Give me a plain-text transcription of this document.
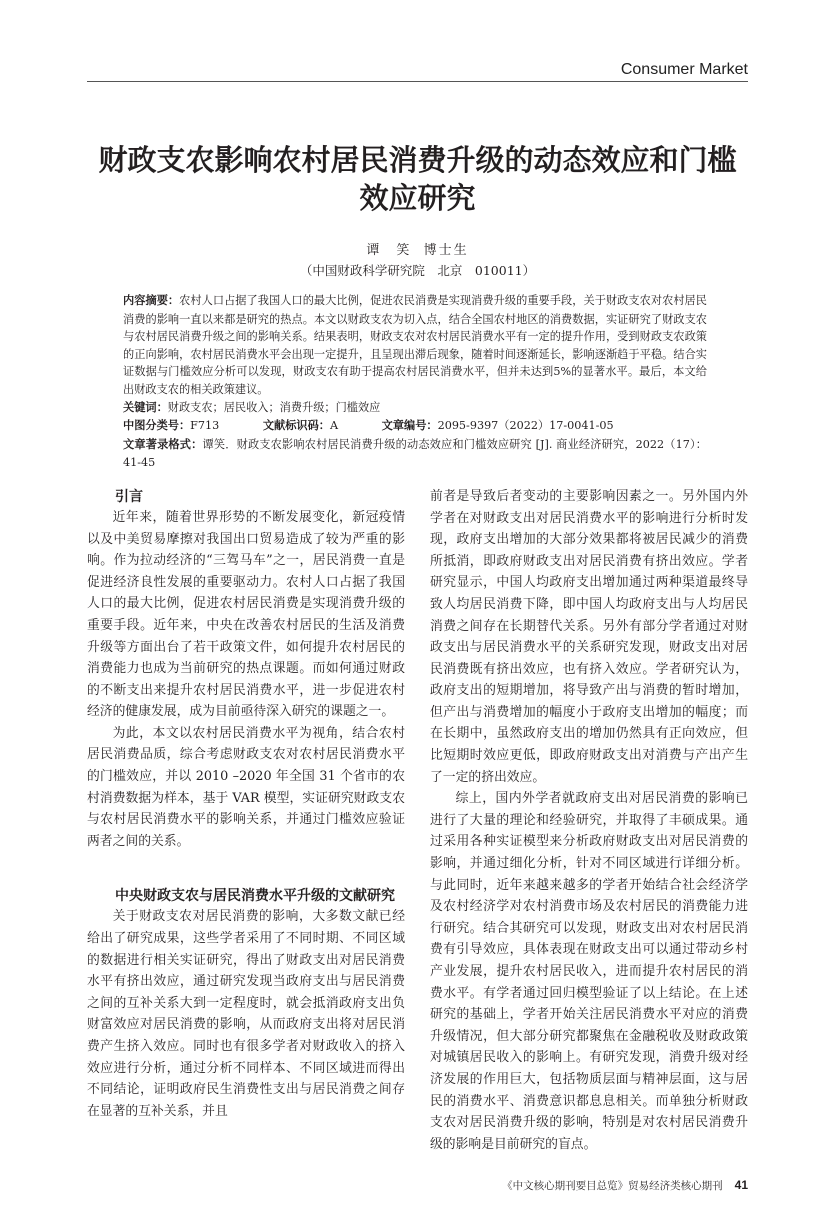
Consumer Market
财政支农影响农村居民消费升级的动态效应和门槛效应研究
谭　笑 博士生
（中国财政科学研究院　北京　010011）
内容摘要：农村人口占据了我国人口的最大比例，促进农民消费是实现消费升级的重要手段，关于财政支农对农村居民消费的影响一直以来都是研究的热点。本文以财政支农为切入点，结合全国农村地区的消费数据，实证研究了财政支农与农村居民消费升级之间的影响关系。结果表明，财政支农对农村居民消费水平有一定的提升作用，受到财政支农政策的正向影响，农村居民消费水平会出现一定提升，且呈现出滞后现象，随着时间逐渐延长，影响逐渐趋于平稳。结合实证数据与门槛效应分析可以发现，财政支农有助于提高农村居民消费水平，但并未达到5%的显著水平。最后，本文给出财政支农的相关政策建议。
关键词：财政支农；居民收入；消费升级；门槛效应
中图分类号：F713	文献标识码：A	文章编号：2095-9397（2022）17-0041-05
文章著录格式：谭笑．财政支农影响农村居民消费升级的动态效应和门槛效应研究 [J]. 商业经济研究，2022（17）：41-45
引言

近年来，随着世界形势的不断发展变化，新冠疫情以及中美贸易摩擦对我国出口贸易造成了较为严重的影响。作为拉动经济的“三驾马车”之一，居民消费一直是促进经济良性发展的重要驱动力。农村人口占据了我国人口的最大比例，促进农村居民消费是实现消费升级的重要手段。近年来，中央在改善农村居民的生活及消费升级等方面出台了若干政策文件，如何提升农村居民的消费能力也成为当前研究的热点课题。而如何通过财政的不断支出来提升农村居民消费水平，进一步促进农村经济的健康发展，成为目前亟待深入研究的课题之一。

为此，本文以农村居民消费水平为视角，结合农村居民消费品质，综合考虑财政支农对农村居民消费水平的门槛效应，并以 2010 –2020 年全国 31 个省市的农村消费数据为样本，基于 VAR 模型，实证研究财政支农与农村居民消费水平的影响关系，并通过门槛效应验证两者之间的关系。

中央财政支农与居民消费水平升级的文献研究

关于财政支农对居民消费的影响，大多数文献已经给出了研究成果，这些学者采用了不同时期、不同区域的数据进行相关实证研究，得出了财政支出对居民消费水平有挤出效应，通过研究发现当政府支出与居民消费之间的互补关系大到一定程度时，就会抵消政府支出负财富效应对居民消费的影响，从而政府支出将对居民消费产生挤入效应。同时也有很多学者对财政收入的挤入效应进行分析，通过分析不同样本、不同区域进而得出不同结论，证明政府民生消费性支出与居民消费之间存在显著的互补关系，并且

前者是导致后者变动的主要影响因素之一。另外国内外学者在对财政支出对居民消费水平的影响进行分析时发现，政府支出增加的大部分效果都将被居民减少的消费所抵消，即政府财政支出对居民消费有挤出效应。学者研究显示，中国人均政府支出增加通过两种渠道最终导致人均居民消费下降，即中国人均政府支出与人均居民消费之间存在长期替代关系。另外有部分学者通过对财政支出与居民消费水平的关系研究发现，财政支出对居民消费既有挤出效应，也有挤入效应。学者研究认为，政府支出的短期增加，将导致产出与消费的暂时增加，但产出与消费增加的幅度小于政府支出增加的幅度；而在长期中，虽然政府支出的增加仍然具有正向效应，但比短期时效应更低，即政府财政支出对消费与产出产生了一定的挤出效应。

综上，国内外学者就政府支出对居民消费的影响已进行了大量的理论和经验研究，并取得了丰硕成果。通过采用各种实证模型来分析政府财政支出对居民消费的影响，并通过细化分析，针对不同区域进行详细分析。与此同时，近年来越来越多的学者开始结合社会经济学及农村经济学对农村消费市场及农村居民的消费能力进行研究。结合其研究可以发现，财政支出对农村居民消费有引导效应，具体表现在财政支出可以通过带动乡村产业发展，提升农村居民收入，进而提升农村居民的消费水平。有学者通过回归模型验证了以上结论。在上述研究的基础上，学者开始关注居民消费水平对应的消费升级情况，但大部分研究都聚焦在金融税收及财政政策对城镇居民收入的影响上。有研究发现，消费升级对经济发展的作用巨大，包括物质层面与精神层面，这与居民的消费水平、消费意识都息息相关。而单独分析财政支农对居民消费升级的影响，特别是对农村居民消费升级的影响是目前研究的盲点。

《中文核心期刊要目总览》贸易经济类核心期刊 41
